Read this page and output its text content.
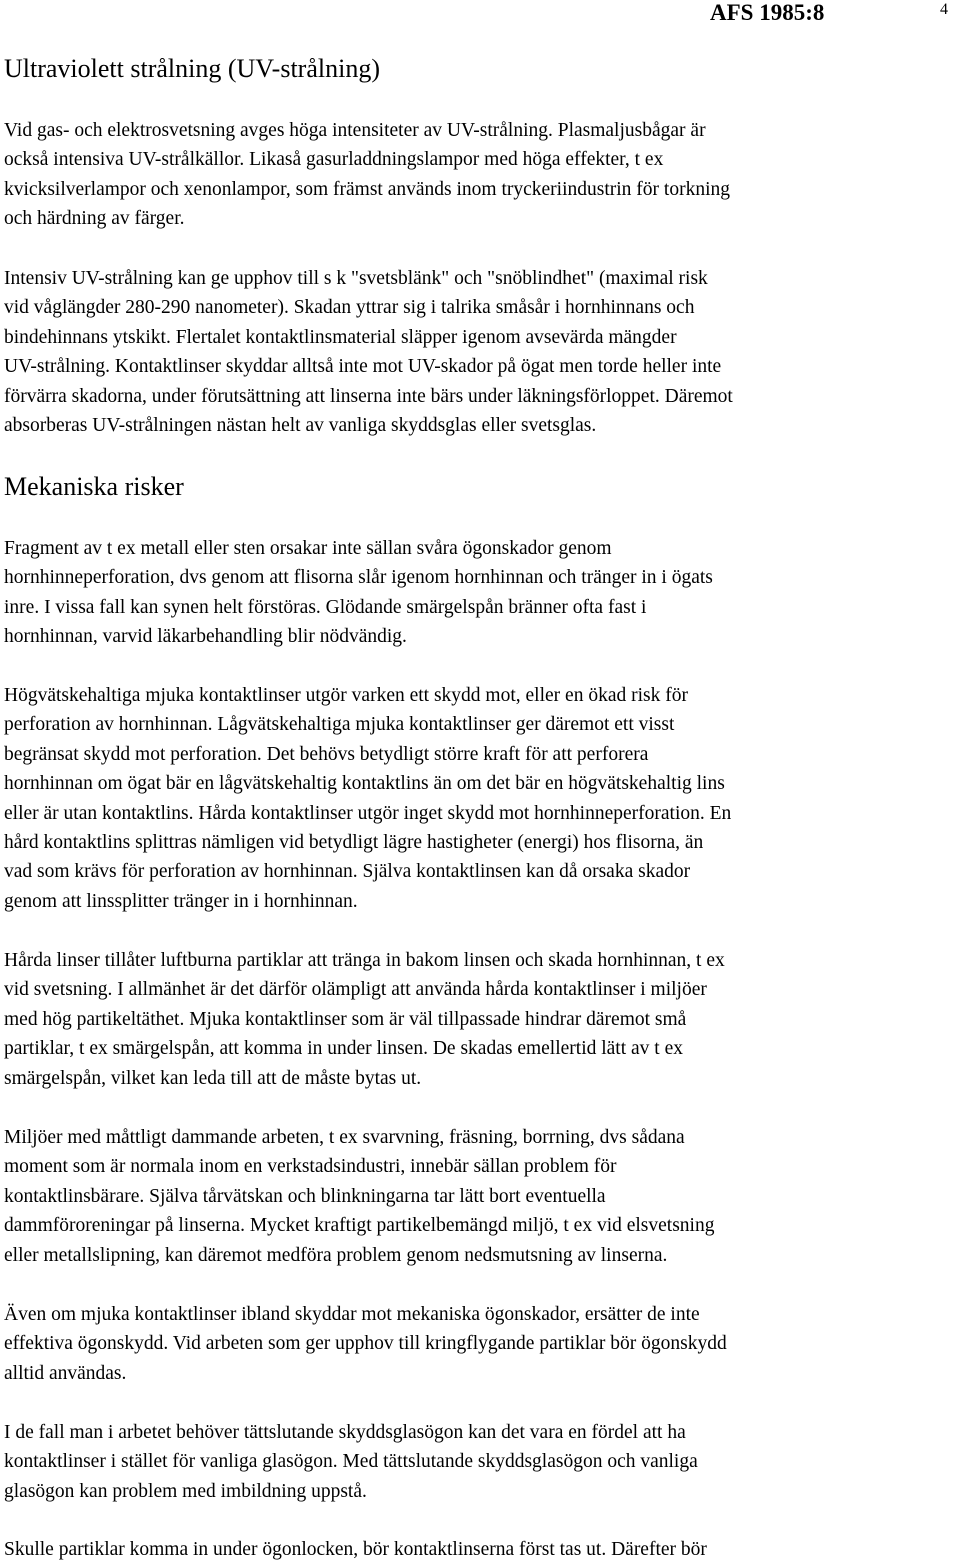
AFS 1985:8	4
Ultraviolett strålning (UV-strålning)

Vid gas- och elektrosvetsning avges höga intensiteter av UV-strålning. Plasmaljusbågar är
också intensiva UV-strålkällor. Likaså gasurladdningslampor med höga effekter, t ex
kvicksilverlampor och xenonlampor, som främst används inom tryckeriindustrin för torkning
och härdning av färger.

Intensiv UV-strålning kan ge upphov till s k "svetsblänk" och "snöblindhet" (maximal risk
vid våglängder 280-290 nanometer). Skadan yttrar sig i talrika småsår i hornhinnans och
bindehinnans ytskikt. Flertalet kontaktlinsmaterial släpper igenom avsevärda mängder
UV-strålning. Kontaktlinser skyddar alltså inte mot UV-skador på ögat men torde heller inte
förvärra skadorna, under förutsättning att linserna inte bärs under läkningsförloppet. Däremot
absorberas UV-strålningen nästan helt av vanliga skyddsglas eller svetsglas.

Mekaniska risker

Fragment av t ex metall eller sten orsakar inte sällan svåra ögonskador genom
hornhinneperforation, dvs genom att flisorna slår igenom hornhinnan och tränger in i ögats
inre. I vissa fall kan synen helt förstöras. Glödande smärgelspån bränner ofta fast i
hornhinnan, varvid läkarbehandling blir nödvändig.

Högvätskehaltiga mjuka kontaktlinser utgör varken ett skydd mot, eller en ökad risk för
perforation av hornhinnan. Lågvätskehaltiga mjuka kontaktlinser ger däremot ett visst
begränsat skydd mot perforation. Det behövs betydligt större kraft för att perforera
hornhinnan om ögat bär en lågvätskehaltig kontaktlins än om det bär en högvätskehaltig lins
eller är utan kontaktlins. Hårda kontaktlinser utgör inget skydd mot hornhinneperforation. En
hård kontaktlins splittras nämligen vid betydligt lägre hastigheter (energi) hos flisorna, än
vad som krävs för perforation av hornhinnan. Själva kontaktlinsen kan då orsaka skador
genom att linssplitter tränger in i hornhinnan.

Hårda linser tillåter luftburna partiklar att tränga in bakom linsen och skada hornhinnan, t ex
vid svetsning. I allmänhet är det därför olämpligt att använda hårda kontaktlinser i miljöer
med hög partikeltäthet. Mjuka kontaktlinser som är väl tillpassade hindrar däremot små
partiklar, t ex smärgelspån, att komma in under linsen. De skadas emellertid lätt av t ex
smärgelspån, vilket kan leda till att de måste bytas ut.

Miljöer med måttligt dammande arbeten, t ex svarvning, fräsning, borrning, dvs sådana
moment som är normala inom en verkstadsindustri, innebär sällan problem för
kontaktlinsbärare. Själva tårvätskan och blinkningarna tar lätt bort eventuella
dammföroreningar på linserna. Mycket kraftigt partikelbemängd miljö, t ex vid elsvetsning
eller metallslipning, kan däremot medföra problem genom nedsmutsning av linserna.

Även om mjuka kontaktlinser ibland skyddar mot mekaniska ögonskador, ersätter de inte
effektiva ögonskydd. Vid arbeten som ger upphov till kringflygande partiklar bör ögonskydd
alltid användas.

I de fall man i arbetet behöver tättslutande skyddsglasögon kan det vara en fördel att ha
kontaktlinser i stället för vanliga glasögon. Med tättslutande skyddsglasögon och vanliga
glasögon kan problem med imbildning uppstå.

Skulle partiklar komma in under ögonlocken, bör kontaktlinserna först tas ut. Därefter bör
